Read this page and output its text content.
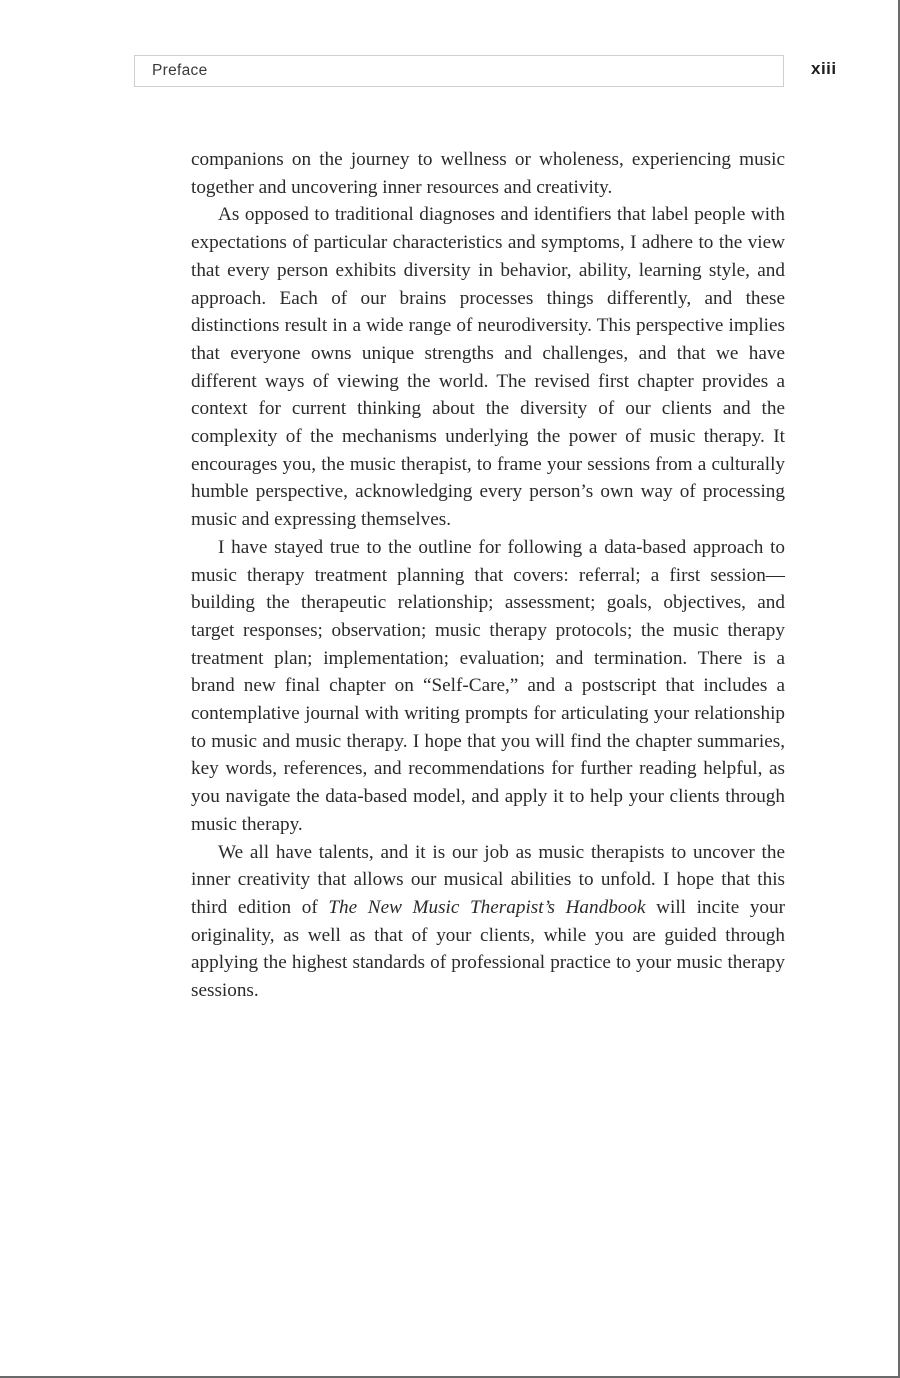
Preface	xiii

companions on the journey to wellness or wholeness, experiencing music together and uncovering inner resources and creativity.

As opposed to traditional diagnoses and identifiers that label people with expectations of particular characteristics and symptoms, I adhere to the view that every person exhibits diversity in behavior, ability, learning style, and approach. Each of our brains processes things differently, and these distinctions result in a wide range of neurodiversity. This perspective implies that everyone owns unique strengths and challenges, and that we have different ways of viewing the world. The revised first chapter provides a context for current thinking about the diversity of our clients and the complexity of the mechanisms underlying the power of music therapy. It encourages you, the music therapist, to frame your sessions from a culturally humble perspective, acknowledging every person’s own way of processing music and expressing themselves.

I have stayed true to the outline for following a data-based approach to music therapy treatment planning that covers: referral; a first session—building the therapeutic relationship; assessment; goals, objectives, and target responses; observation; music therapy protocols; the music therapy treatment plan; implementation; evaluation; and termination. There is a brand new final chapter on “Self-Care,” and a postscript that includes a contemplative journal with writing prompts for articulating your relationship to music and music therapy. I hope that you will find the chapter summaries, key words, references, and recommendations for further reading helpful, as you navigate the data-based model, and apply it to help your clients through music therapy.

We all have talents, and it is our job as music therapists to uncover the inner creativity that allows our musical abilities to unfold. I hope that this third edition of The New Music Therapist’s Handbook will incite your originality, as well as that of your clients, while you are guided through applying the highest standards of professional practice to your music therapy sessions.
